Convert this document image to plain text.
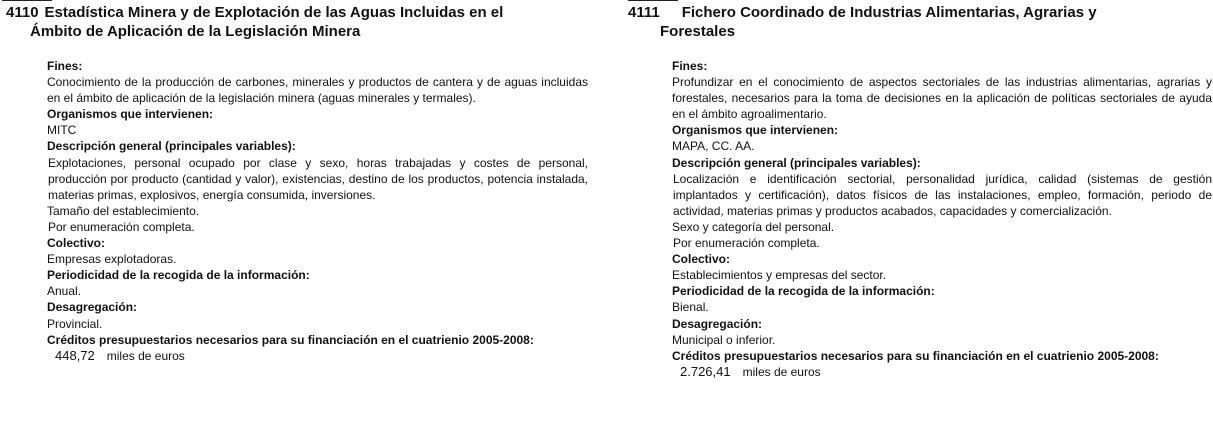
4110 Estadística Minera y de Explotación de las Aguas Incluidas en el
Ámbito de Aplicación de la Legislación Minera
Fines:
Conocimiento de la producción de carbones, minerales y productos de cantera y de aguas incluidas en el ámbito de aplicación de la legislación minera (aguas minerales y termales).
Organismos que intervienen:
MITC
Descripción general (principales variables):
Explotaciones, personal ocupado por clase y sexo, horas trabajadas y costes de personal, producción por producto (cantidad y valor), existencias, destino de los productos, potencia instalada, materias primas, explosivos, energía consumida, inversiones.
Tamaño del establecimiento.
Por enumeración completa.
Colectivo:
Empresas explotadoras.
Periodicidad de la recogida de la información:
Anual.
Desagregación:
Provincial.
Créditos presupuestarios necesarios para su financiación en el cuatrienio 2005-2008:
448,72 miles de euros
4111 Fichero Coordinado de Industrias Alimentarias, Agrarias y
Forestales
Fines:
Profundizar en el conocimiento de aspectos sectoriales de las industrias alimentarias, agrarias y forestales, necesarios para la toma de decisiones en la aplicación de políticas sectoriales de ayuda en el ámbito agroalimentario.
Organismos que intervienen:
MAPA, CC. AA.
Descripción general (principales variables):
Localización e identificación sectorial, personalidad jurídica, calidad (sistemas de gestión implantados y certificación), datos físicos de las instalaciones, empleo, formación, periodo de actividad, materias primas y productos acabados, capacidades y comercialización.
Sexo y categoría del personal.
Por enumeración completa.
Colectivo:
Establecimientos y empresas del sector.
Periodicidad de la recogida de la información:
Bienal.
Desagregación:
Municipal o inferior.
Créditos presupuestarios necesarios para su financiación en el cuatrienio 2005-2008:
2.726,41 miles de euros
